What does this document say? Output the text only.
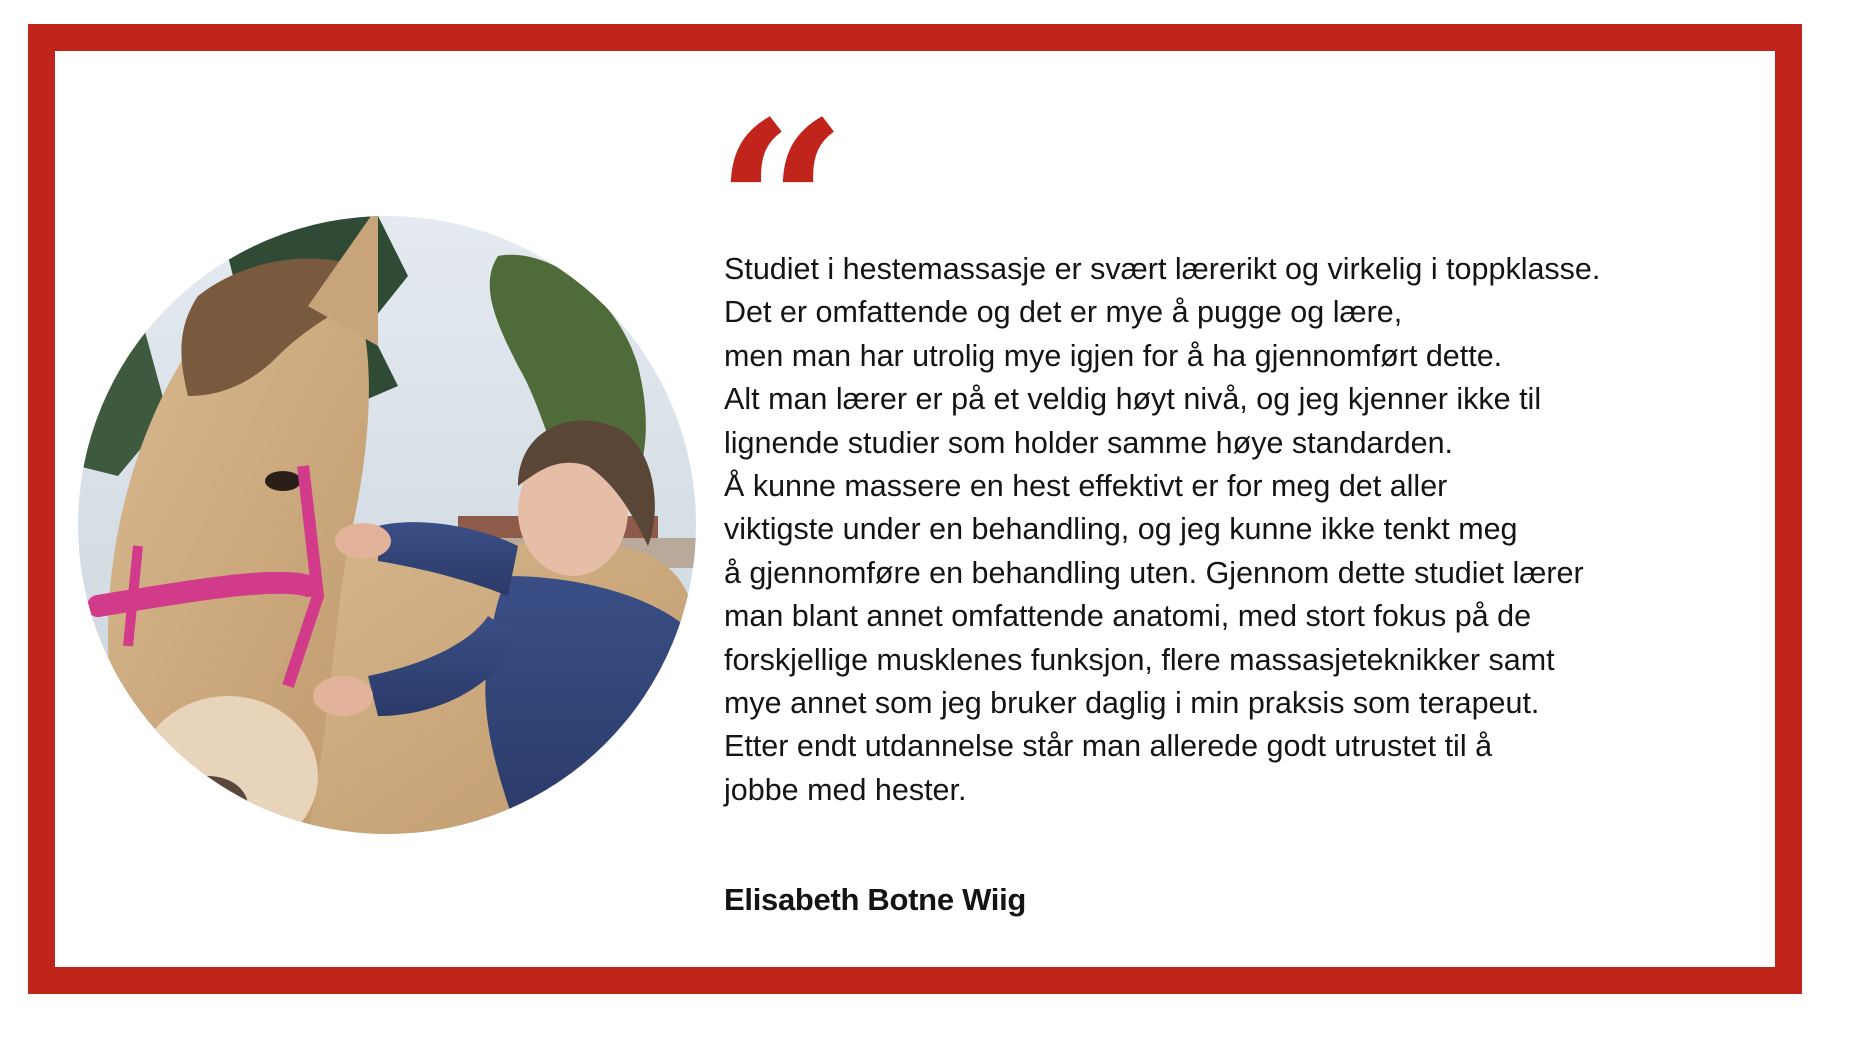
“

Studiet i hestemassasje er svært lærerikt og virkelig i toppklasse.
Det er omfattende og det er mye å pugge og lære,
men man har utrolig mye igjen for å ha gjennomført dette.
Alt man lærer er på et veldig høyt nivå, og jeg kjenner ikke til
lignende studier som holder samme høye standarden.
Å kunne massere en hest effektivt er for meg det aller
viktigste under en behandling, og jeg kunne ikke tenkt meg
å gjennomføre en behandling uten. Gjennom dette studiet lærer
man blant annet omfattende anatomi, med stort fokus på de
forskjellige musklenes funksjon, flere massasjeteknikker samt
mye annet som jeg bruker daglig i min praksis som terapeut.
Etter endt utdannelse står man allerede godt utrustet til å
jobbe med hester.

Elisabeth Botne Wiig
